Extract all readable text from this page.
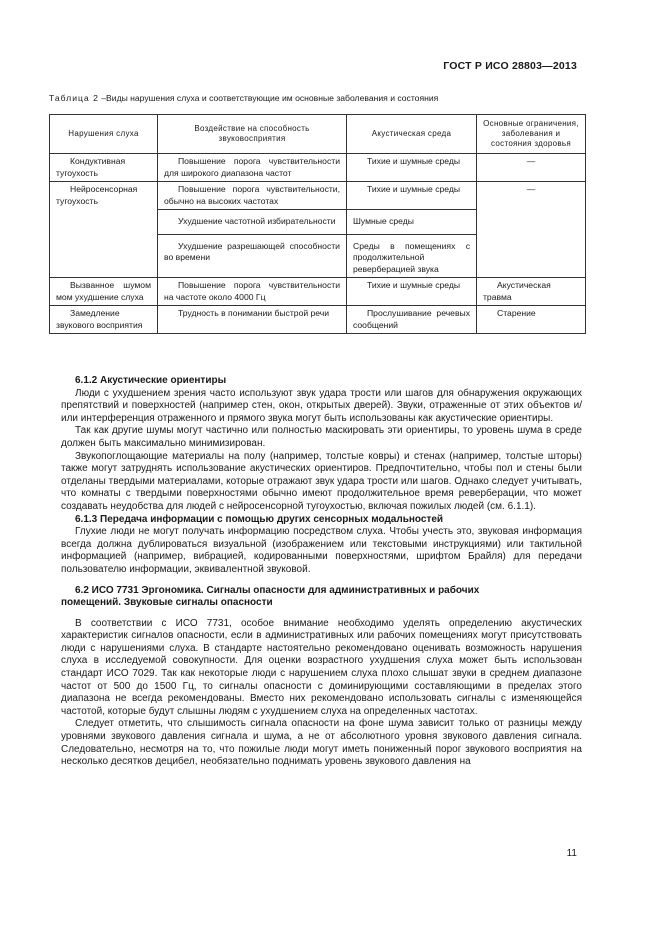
ГОСТ Р ИСО 28803—2013
Таблица 2 –Виды нарушения слуха и соответствующие им основные заболевания и состояния
Нарушения слуха	Воздействие на способность звуковосприятия	Акустическая среда	Основные ограничения, заболевания и состояния здоровья
Кондуктивная тугоухость	Повышение порога чувствительности для широкого диапазона частот	Тихие и шумные среды	—
Нейросенсорная тугоухость	Повышение порога чувствительности, обычно на высоких частотах	Тихие и шумные среды	—
	Ухудшение частотной избирательности	Шумные среды	
	Ухудшение разрешающей способности во времени	Среды в помещениях с продолжительной реверберацией звука	
Вызванное шумом мом ухудшение слуха	Повышение порога чувствительности на частоте около 4000 Гц	Тихие и шумные среды	Акустическая травма
Замедление звукового восприятия	Трудность в понимании быстрой речи	Прослушивание речевых сообщений	Старение

6.1.2 Акустические ориентиры

Люди с ухудшением зрения часто используют звук удара трости или шагов для обнаружения окружающих препятствий и поверхностей (например стен, окон, открытых дверей). Звуки, отраженные от этих объектов и/или интерференция отраженного и прямого звука могут быть использованы как акустические ориентиры.

Так как другие шумы могут частично или полностью маскировать эти ориентиры, то уровень шума в среде должен быть максимально минимизирован.

Звукопоглощающие материалы на полу (например, толстые ковры) и стенах (например, толстые шторы) также могут затруднять использование акустических ориентиров. Предпочтительно, чтобы пол и стены были отделаны твердыми материалами, которые отражают звук удара трости или шагов. Однако следует учитывать, что комнаты с твердыми поверхностями обычно имеют продолжительное время реверберации, что может создавать неудобства для людей с нейросенсорной тугоухостью, включая пожилых людей (см. 6.1.1).

6.1.3 Передача информации с помощью других сенсорных модальностей

Глухие люди не могут получать информацию посредством слуха. Чтобы учесть это, звуковая информация всегда должна дублироваться визуальной (изображением или текстовыми инструкциями) или тактильной информацией (например, вибрацией, кодированными поверхностями, шрифтом Брайля) для передачи пользователю информации, эквивалентной звуковой.

6.2 ИСО 7731 Эргономика. Сигналы опасности для административных и рабочих

помещений. Звуковые сигналы опасности

В соответствии с ИСО 7731, особое внимание необходимо уделять определению акустических характеристик сигналов опасности, если в административных или рабочих помещениях могут присутствовать люди с нарушениями слуха. В стандарте настоятельно рекомендовано оценивать возможность нарушения слуха в исследуемой совокупности. Для оценки возрастного ухудшения слуха может быть использован стандарт ИСО 7029. Так как некоторые люди с нарушением слуха плохо слышат звуки в среднем диапазоне частот от 500 до 1500 Гц, то сигналы опасности с доминирующими составляющими в пределах этого диапазона не всегда рекомендованы. Вместо них рекомендовано использовать сигналы с изменяющейся частотой, которые будут слышны людям с ухудшением слуха на определенных частотах.

Следует отметить, что слышимость сигнала опасности на фоне шума зависит только от разницы между уровнями звукового давления сигнала и шума, а не от абсолютного уровня звукового давления сигнала. Следовательно, несмотря на то, что пожилые люди могут иметь пониженный порог звукового восприятия на несколько десятков децибел, необязательно поднимать уровень звукового давления на

11
